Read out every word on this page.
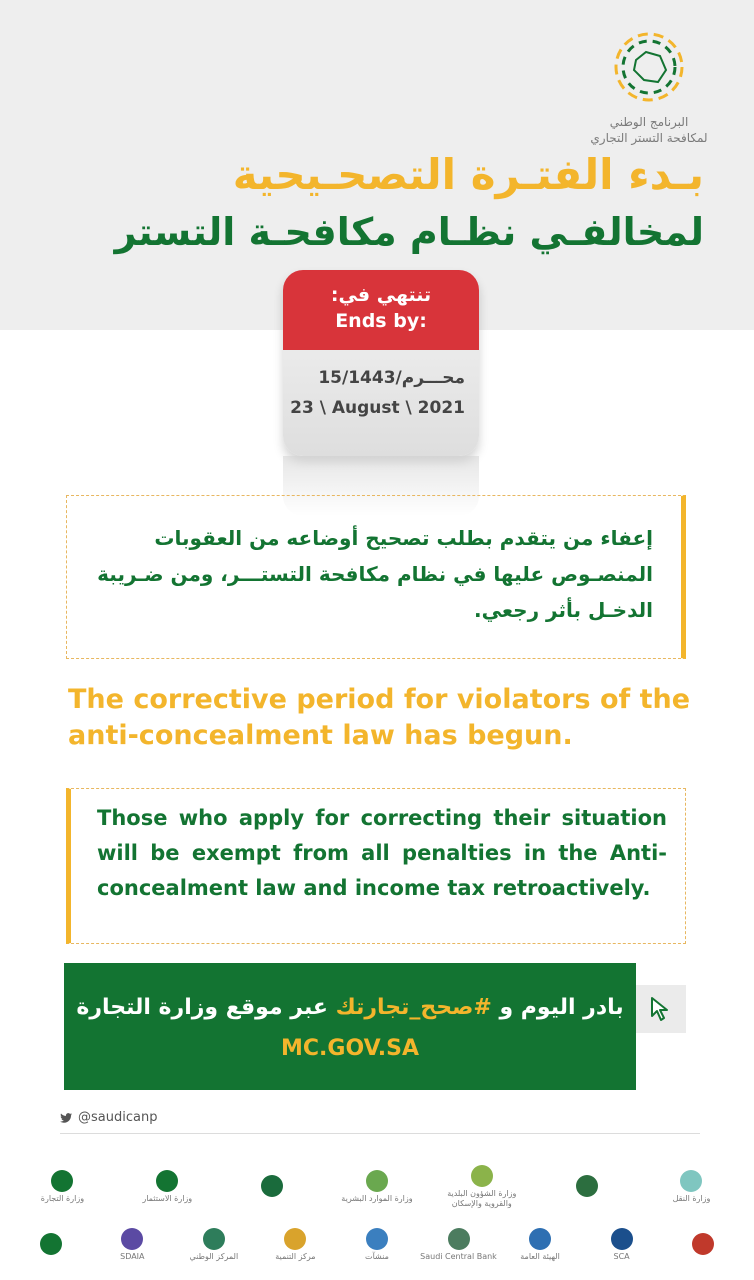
البرنامج الوطني
لمكافحة التستر التجاري
بـدء الفتـرة التصحـيحية
لمخالفـي نظـام مكافحـة التستر
تنتهي في:
Ends by:
15/محـــرم/1443
23 \ August \ 2021

إعفاء من يتقدم بطلب تصحيح أوضاعه من العقوبات المنصـوص عليها في نظام مكافحة التستـــر، ومن ضـريبة الدخـل بأثر رجعي.

The corrective period for violators of the anti-concealment law has begun.

Those who apply for correcting their situation will be exempt from all penalties in the Anti-concealment law and income tax retroactively.

بادر اليوم و #صحح_تجارتك عبر موقع وزارة التجارة
MC.GOV.SA
@saudicanp
وزارة التجارة	وزارة الاستثمار	وزارة الموارد البشرية
وزارة الشؤون البلدية والقروية والإسكان
وزارة النقل
SDAIA	المركز الوطني	مركز التنمية	منشآت	Saudi Central Bank	الهيئة العامة	SCA
